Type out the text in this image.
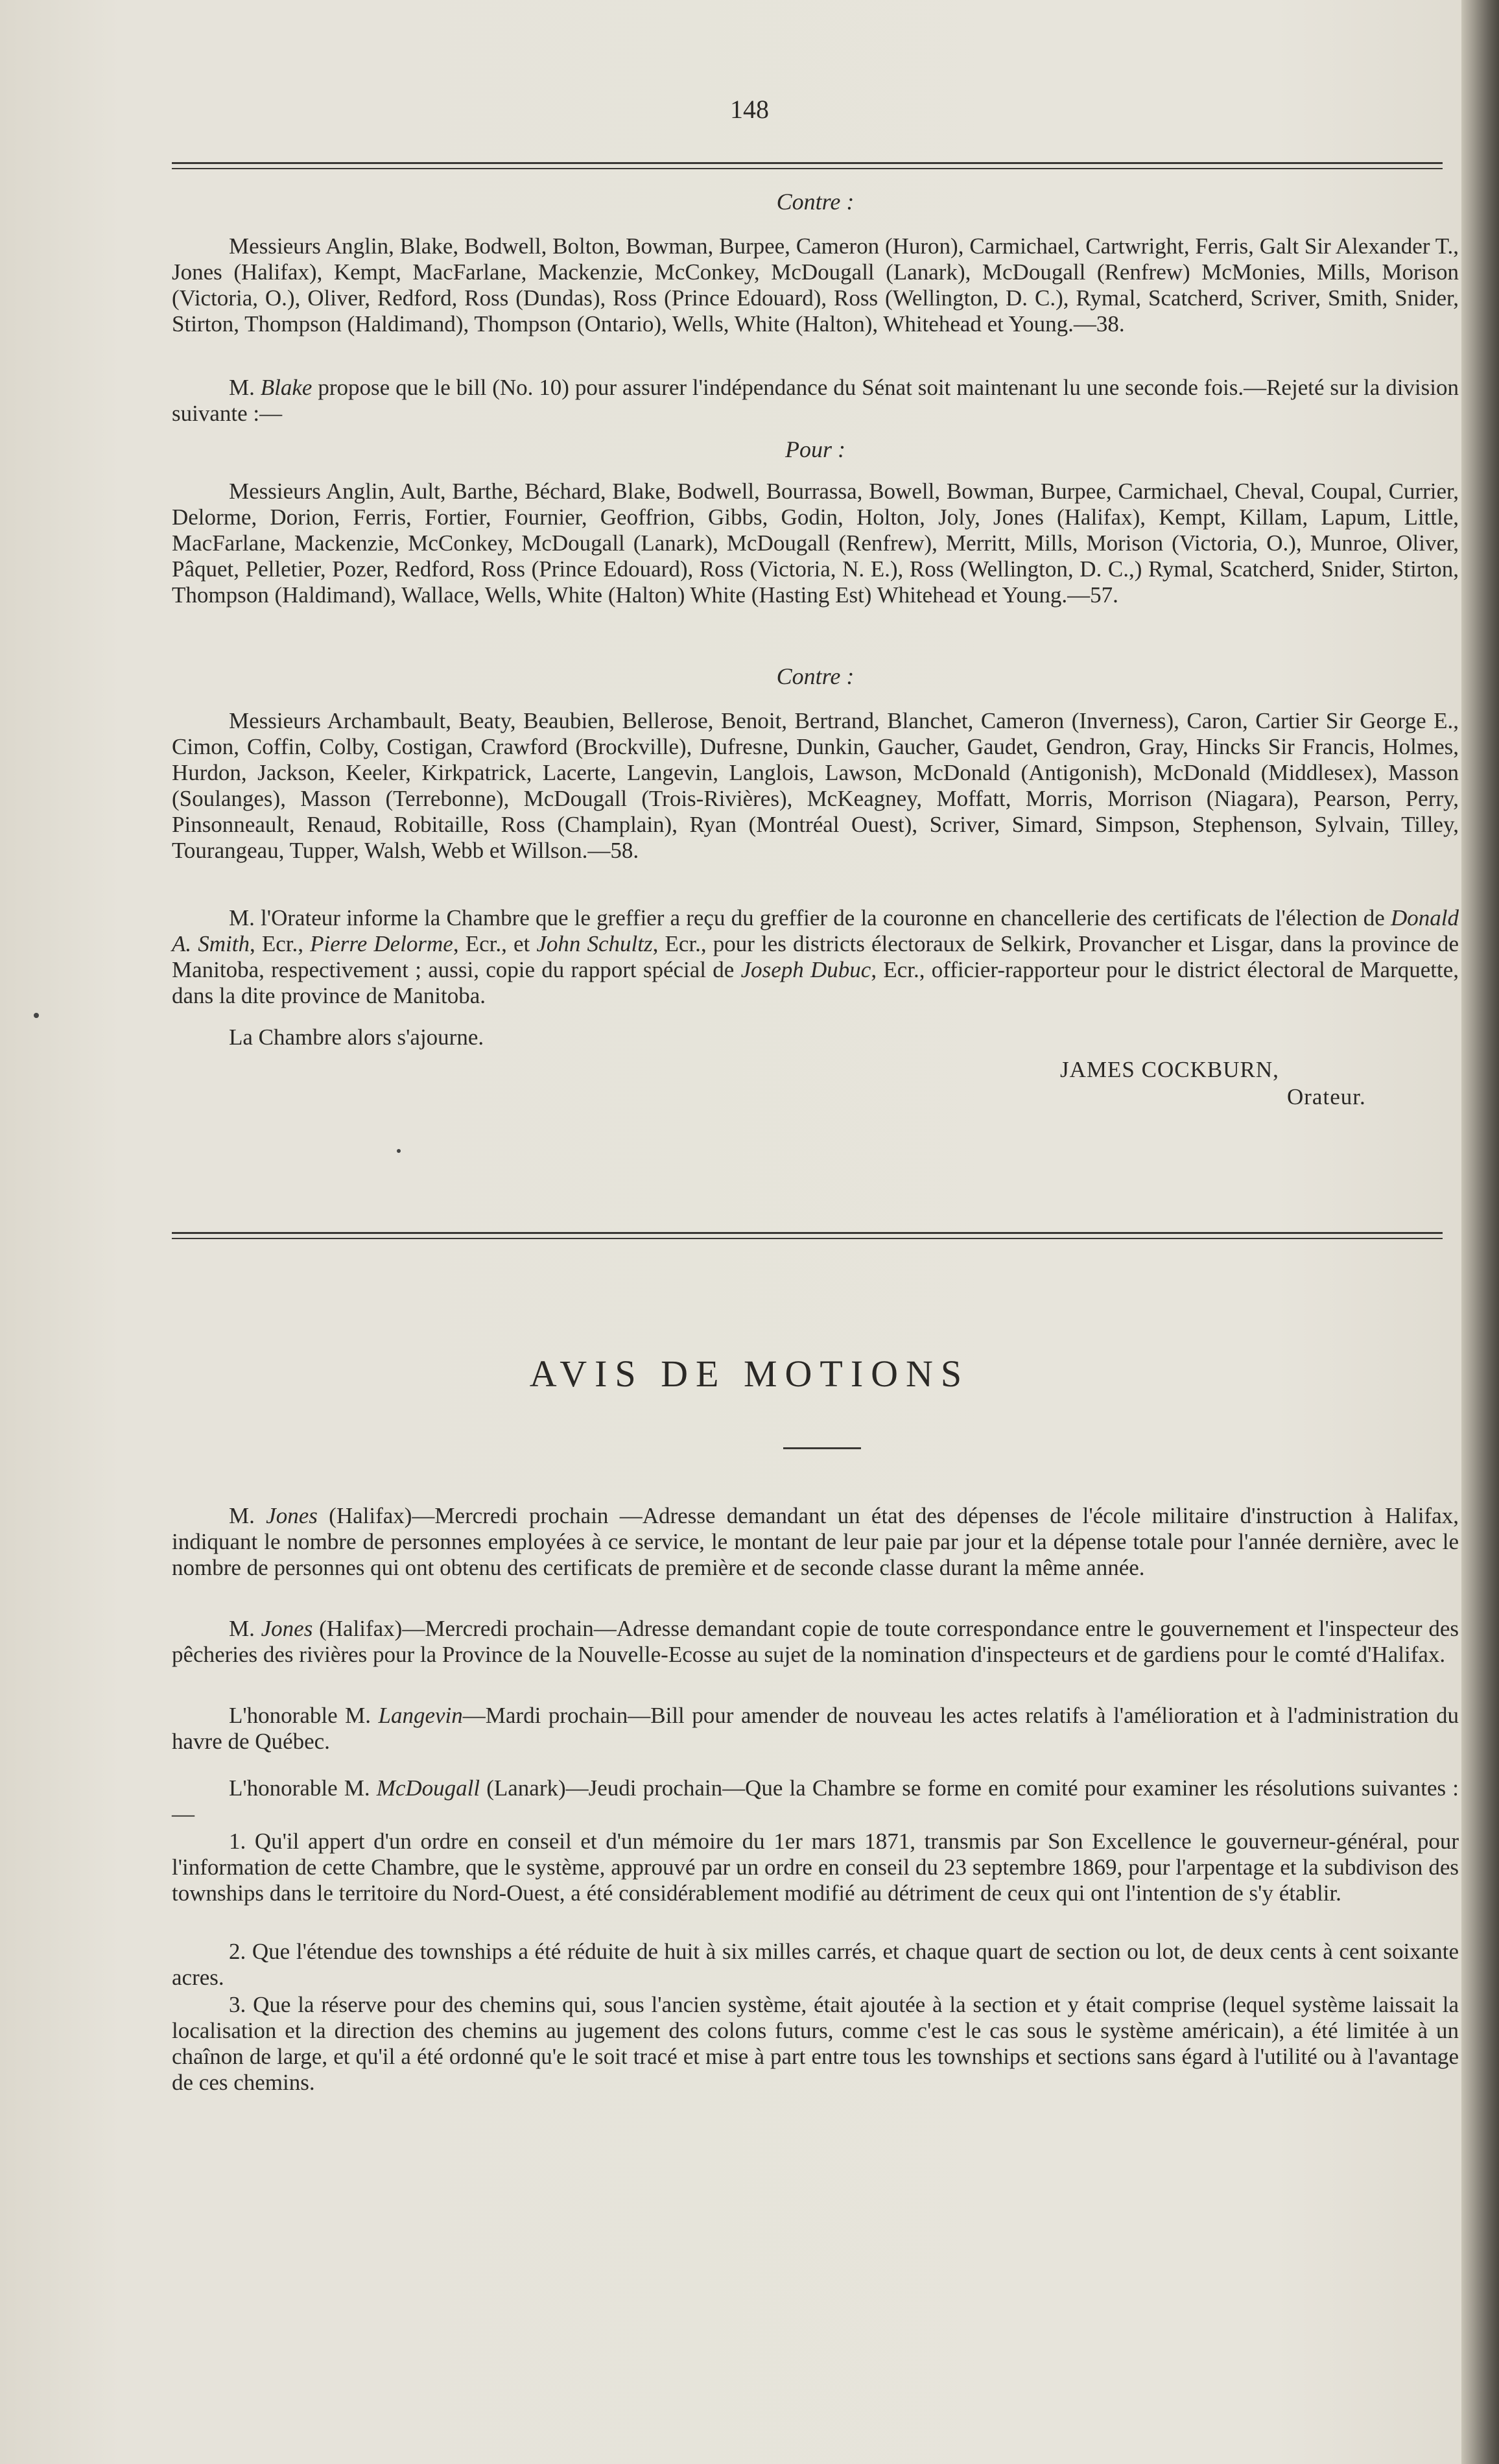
148
Contre :

Messieurs Anglin, Blake, Bodwell, Bolton, Bowman, Burpee, Cameron (Huron), Carmichael, Cartwright, Ferris, Galt Sir Alexander T., Jones (Halifax), Kempt, MacFarlane, Mackenzie, McConkey, McDougall (Lanark), McDougall (Renfrew) McMonies, Mills, Morison (Victoria, O.), Oliver, Redford, Ross (Dundas), Ross (Prince Edouard), Ross (Wellington, D. C.), Rymal, Scatcherd, Scriver, Smith, Snider, Stirton, Thompson (Haldimand), Thompson (Ontario), Wells, White (Halton), Whitehead et Young.—38.

M. Blake propose que le bill (No. 10) pour assurer l'indépendance du Sénat soit maintenant lu une seconde fois.—Rejeté sur la division suivante :—

Pour :

Messieurs Anglin, Ault, Barthe, Béchard, Blake, Bodwell, Bourrassa, Bowell, Bowman, Burpee, Carmichael, Cheval, Coupal, Currier, Delorme, Dorion, Ferris, Fortier, Fournier, Geoffrion, Gibbs, Godin, Holton, Joly, Jones (Halifax), Kempt, Killam, Lapum, Little, MacFarlane, Mackenzie, McConkey, McDougall (Lanark), McDougall (Renfrew), Merritt, Mills, Morison (Victoria, O.), Munroe, Oliver, Pâquet, Pelletier, Pozer, Redford, Ross (Prince Edouard), Ross (Victoria, N. E.), Ross (Wellington, D. C.,) Rymal, Scatcherd, Snider, Stirton, Thompson (Haldimand), Wallace, Wells, White (Halton) White (Hasting Est) Whitehead et Young.—57.

Contre :

Messieurs Archambault, Beaty, Beaubien, Bellerose, Benoit, Bertrand, Blanchet, Cameron (Inverness), Caron, Cartier Sir George E., Cimon, Coffin, Colby, Costigan, Crawford (Brockville), Dufresne, Dunkin, Gaucher, Gaudet, Gendron, Gray, Hincks Sir Francis, Holmes, Hurdon, Jackson, Keeler, Kirkpatrick, Lacerte, Langevin, Langlois, Lawson, McDonald (Antigonish), McDonald (Middlesex), Masson (Soulanges), Masson (Terrebonne), McDougall (Trois-Rivières), McKeagney, Moffatt, Morris, Morrison (Niagara), Pearson, Perry, Pinsonneault, Renaud, Robitaille, Ross (Champlain), Ryan (Montréal Ouest), Scriver, Simard, Simpson, Stephenson, Sylvain, Tilley, Tourangeau, Tupper, Walsh, Webb et Willson.—58.

M. l'Orateur informe la Chambre que le greffier a reçu du greffier de la couronne en chancellerie des certificats de l'élection de Donald A. Smith, Ecr., Pierre Delorme, Ecr., et John Schultz, Ecr., pour les districts électoraux de Selkirk, Provancher et Lisgar, dans la province de Manitoba, respectivement ; aussi, copie du rapport spécial de Joseph Dubuc, Ecr., officier-rapporteur pour le district électoral de Marquette, dans la dite province de Manitoba.

La Chambre alors s'ajourne.

JAMES COCKBURN,
Orateur.
AVIS DE MOTIONS

M. Jones (Halifax)—Mercredi prochain —Adresse demandant un état des dépenses de l'école militaire d'instruction à Halifax, indiquant le nombre de personnes employées à ce service, le montant de leur paie par jour et la dépense totale pour l'année dernière, avec le nombre de personnes qui ont obtenu des certificats de première et de seconde classe durant la même année.

M. Jones (Halifax)—Mercredi prochain—Adresse demandant copie de toute correspondance entre le gouvernement et l'inspecteur des pêcheries des rivières pour la Province de la Nouvelle-Ecosse au sujet de la nomination d'inspecteurs et de gardiens pour le comté d'Halifax.

L'honorable M. Langevin—Mardi prochain—Bill pour amender de nouveau les actes relatifs à l'amélioration et à l'administration du havre de Québec.

L'honorable M. McDougall (Lanark)—Jeudi prochain—Que la Chambre se forme en comité pour examiner les résolutions suivantes :—

1. Qu'il appert d'un ordre en conseil et d'un mémoire du 1er mars 1871, transmis par Son Excellence le gouverneur-général, pour l'information de cette Chambre, que le système, approuvé par un ordre en conseil du 23 septembre 1869, pour l'arpentage et la subdivison des townships dans le territoire du Nord-Ouest, a été considérablement modifié au détriment de ceux qui ont l'intention de s'y établir.

2. Que l'étendue des townships a été réduite de huit à six milles carrés, et chaque quart de section ou lot, de deux cents à cent soixante acres.

3. Que la réserve pour des chemins qui, sous l'ancien système, était ajoutée à la section et y était comprise (lequel système laissait la localisation et la direction des chemins au jugement des colons futurs, comme c'est le cas sous le système américain), a été limitée à un chaînon de large, et qu'il a été ordonné qu'e le soit tracé et mise à part entre tous les townships et sections sans égard à l'utilité ou à l'avantage de ces chemins.
